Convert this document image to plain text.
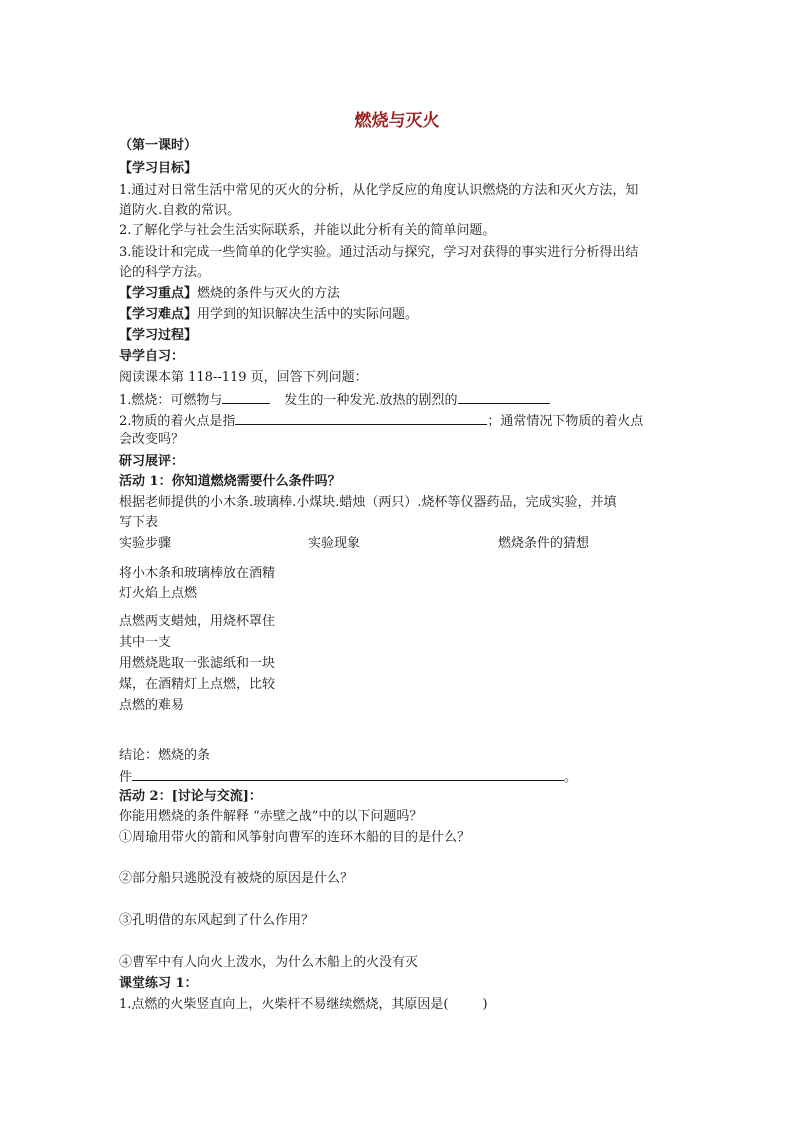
燃烧与灭火
（第一课时）
【学习目标】
1.通过对日常生活中常见的灭火的分析，从化学反应的角度认识燃烧的方法和灭火方法，知
道防火.自救的常识。
2.了解化学与社会生活实际联系，并能以此分析有关的简单问题。
3.能设计和完成一些简单的化学实验。通过活动与探究，学习对获得的事实进行分析得出结
论的科学方法。
【学习重点】燃烧的条件与灭火的方法
【学习难点】用学到的知识解决生活中的实际问题。
【学习过程】
导学自习：
阅读课本第 118--119 页，回答下列问题：
1.燃烧：可燃物与	发生的一种发光.放热的剧烈的
2.物质的着火点是指	；通常情况下物质的着火点
会改变吗？
研习展评：
活动 1：你知道燃烧需要什么条件吗？
根据老师提供的小木条.玻璃棒.小煤块.蜡烛（两只）.烧杯等仪器药品，完成实验，并填
写下表
实验步骤	实验现象	燃烧条件的猜想
将小木条和玻璃棒放在酒精
灯火焰上点燃
点燃两支蜡烛，用烧杯罩住
其中一支
用燃烧匙取一张滤纸和一块
煤，在酒精灯上点燃，比较
点燃的难易
结论：燃烧的条
件	。
活动 2：[讨论与交流]：
你能用燃烧的条件解释 “赤壁之战”中的以下问题吗？
①周瑜用带火的箭和风筝射向曹军的连环木船的目的是什么？
②部分船只逃脱没有被烧的原因是什么？
③孔明借的东风起到了什么作用？
④曹军中有人向火上泼水，为什么木船上的火没有灭
课堂练习 1：
1.点燃的火柴竖直向上，火柴杆不易继续燃烧，其原因是(	)
